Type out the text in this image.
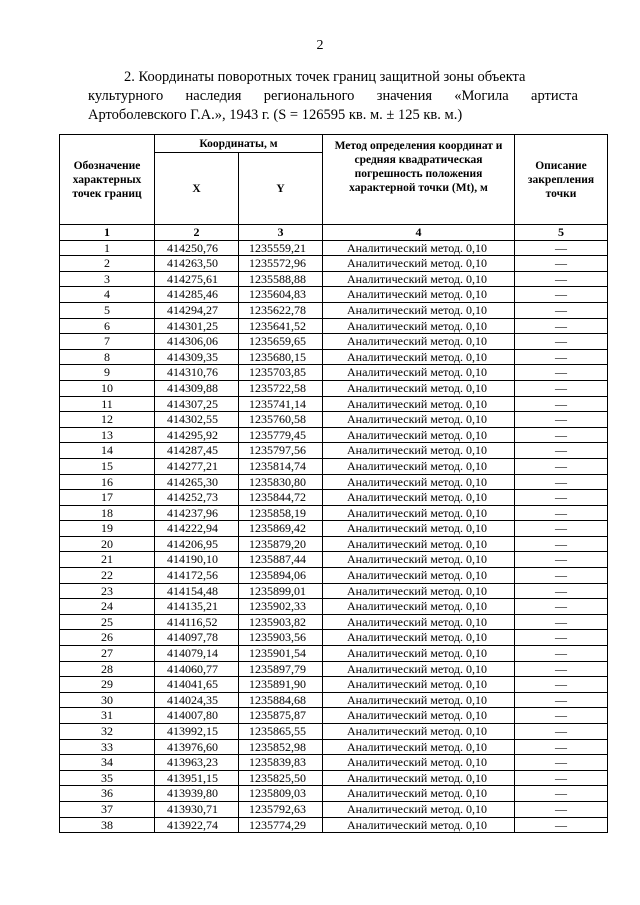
2
2. Координаты поворотных точек границ защитной зоны объекта
культурного наследия регионального значения «Могила артиста
Артоболевского Г.А.», 1943 г. (S = 126595 кв. м. ± 125 кв. м.)
Обозначение характерных точек границ	Координаты, м		Метод определения координат и средняя квадратическая погрешность положения характерной точки (Mt), м	Описание закрепления точки
	X	Y		
1	2	3	4	5
1	414250,76	1235559,21	Аналитический метод. 0,10	—
2	414263,50	1235572,96	Аналитический метод. 0,10	—
3	414275,61	1235588,88	Аналитический метод. 0,10	—
4	414285,46	1235604,83	Аналитический метод. 0,10	—
5	414294,27	1235622,78	Аналитический метод. 0,10	—
6	414301,25	1235641,52	Аналитический метод. 0,10	—
7	414306,06	1235659,65	Аналитический метод. 0,10	—
8	414309,35	1235680,15	Аналитический метод. 0,10	—
9	414310,76	1235703,85	Аналитический метод. 0,10	—
10	414309,88	1235722,58	Аналитический метод. 0,10	—
11	414307,25	1235741,14	Аналитический метод. 0,10	—
12	414302,55	1235760,58	Аналитический метод. 0,10	—
13	414295,92	1235779,45	Аналитический метод. 0,10	—
14	414287,45	1235797,56	Аналитический метод. 0,10	—
15	414277,21	1235814,74	Аналитический метод. 0,10	—
16	414265,30	1235830,80	Аналитический метод. 0,10	—
17	414252,73	1235844,72	Аналитический метод. 0,10	—
18	414237,96	1235858,19	Аналитический метод. 0,10	—
19	414222,94	1235869,42	Аналитический метод. 0,10	—
20	414206,95	1235879,20	Аналитический метод. 0,10	—
21	414190,10	1235887,44	Аналитический метод. 0,10	—
22	414172,56	1235894,06	Аналитический метод. 0,10	—
23	414154,48	1235899,01	Аналитический метод. 0,10	—
24	414135,21	1235902,33	Аналитический метод. 0,10	—
25	414116,52	1235903,82	Аналитический метод. 0,10	—
26	414097,78	1235903,56	Аналитический метод. 0,10	—
27	414079,14	1235901,54	Аналитический метод. 0,10	—
28	414060,77	1235897,79	Аналитический метод. 0,10	—
29	414041,65	1235891,90	Аналитический метод. 0,10	—
30	414024,35	1235884,68	Аналитический метод. 0,10	—
31	414007,80	1235875,87	Аналитический метод. 0,10	—
32	413992,15	1235865,55	Аналитический метод. 0,10	—
33	413976,60	1235852,98	Аналитический метод. 0,10	—
34	413963,23	1235839,83	Аналитический метод. 0,10	—
35	413951,15	1235825,50	Аналитический метод. 0,10	—
36	413939,80	1235809,03	Аналитический метод. 0,10	—
37	413930,71	1235792,63	Аналитический метод. 0,10	—
38	413922,74	1235774,29	Аналитический метод. 0,10	—
